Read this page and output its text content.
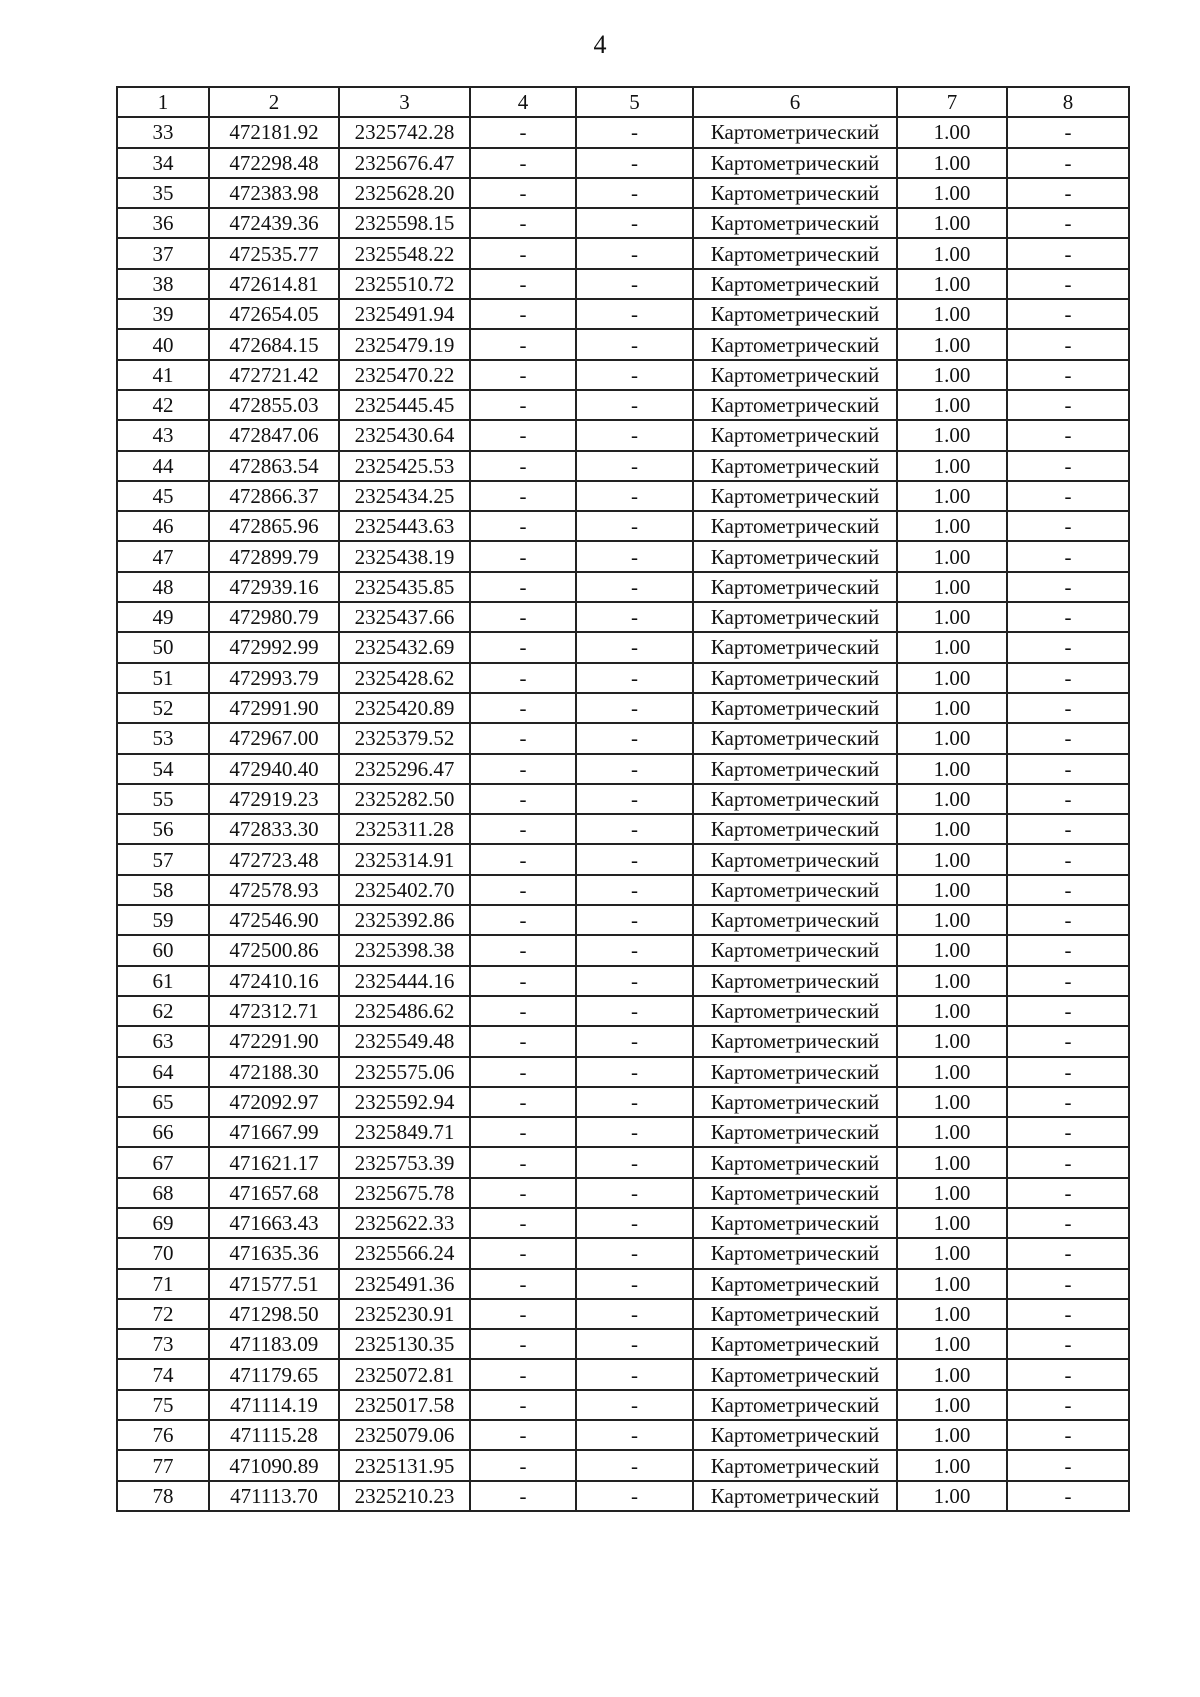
4
1	2	3	4	5	6	7	8
33	472181.92	2325742.28	-	-	Картометрический	1.00	-
34	472298.48	2325676.47	-	-	Картометрический	1.00	-
35	472383.98	2325628.20	-	-	Картометрический	1.00	-
36	472439.36	2325598.15	-	-	Картометрический	1.00	-
37	472535.77	2325548.22	-	-	Картометрический	1.00	-
38	472614.81	2325510.72	-	-	Картометрический	1.00	-
39	472654.05	2325491.94	-	-	Картометрический	1.00	-
40	472684.15	2325479.19	-	-	Картометрический	1.00	-
41	472721.42	2325470.22	-	-	Картометрический	1.00	-
42	472855.03	2325445.45	-	-	Картометрический	1.00	-
43	472847.06	2325430.64	-	-	Картометрический	1.00	-
44	472863.54	2325425.53	-	-	Картометрический	1.00	-
45	472866.37	2325434.25	-	-	Картометрический	1.00	-
46	472865.96	2325443.63	-	-	Картометрический	1.00	-
47	472899.79	2325438.19	-	-	Картометрический	1.00	-
48	472939.16	2325435.85	-	-	Картометрический	1.00	-
49	472980.79	2325437.66	-	-	Картометрический	1.00	-
50	472992.99	2325432.69	-	-	Картометрический	1.00	-
51	472993.79	2325428.62	-	-	Картометрический	1.00	-
52	472991.90	2325420.89	-	-	Картометрический	1.00	-
53	472967.00	2325379.52	-	-	Картометрический	1.00	-
54	472940.40	2325296.47	-	-	Картометрический	1.00	-
55	472919.23	2325282.50	-	-	Картометрический	1.00	-
56	472833.30	2325311.28	-	-	Картометрический	1.00	-
57	472723.48	2325314.91	-	-	Картометрический	1.00	-
58	472578.93	2325402.70	-	-	Картометрический	1.00	-
59	472546.90	2325392.86	-	-	Картометрический	1.00	-
60	472500.86	2325398.38	-	-	Картометрический	1.00	-
61	472410.16	2325444.16	-	-	Картометрический	1.00	-
62	472312.71	2325486.62	-	-	Картометрический	1.00	-
63	472291.90	2325549.48	-	-	Картометрический	1.00	-
64	472188.30	2325575.06	-	-	Картометрический	1.00	-
65	472092.97	2325592.94	-	-	Картометрический	1.00	-
66	471667.99	2325849.71	-	-	Картометрический	1.00	-
67	471621.17	2325753.39	-	-	Картометрический	1.00	-
68	471657.68	2325675.78	-	-	Картометрический	1.00	-
69	471663.43	2325622.33	-	-	Картометрический	1.00	-
70	471635.36	2325566.24	-	-	Картометрический	1.00	-
71	471577.51	2325491.36	-	-	Картометрический	1.00	-
72	471298.50	2325230.91	-	-	Картометрический	1.00	-
73	471183.09	2325130.35	-	-	Картометрический	1.00	-
74	471179.65	2325072.81	-	-	Картометрический	1.00	-
75	471114.19	2325017.58	-	-	Картометрический	1.00	-
76	471115.28	2325079.06	-	-	Картометрический	1.00	-
77	471090.89	2325131.95	-	-	Картометрический	1.00	-
78	471113.70	2325210.23	-	-	Картометрический	1.00	-
